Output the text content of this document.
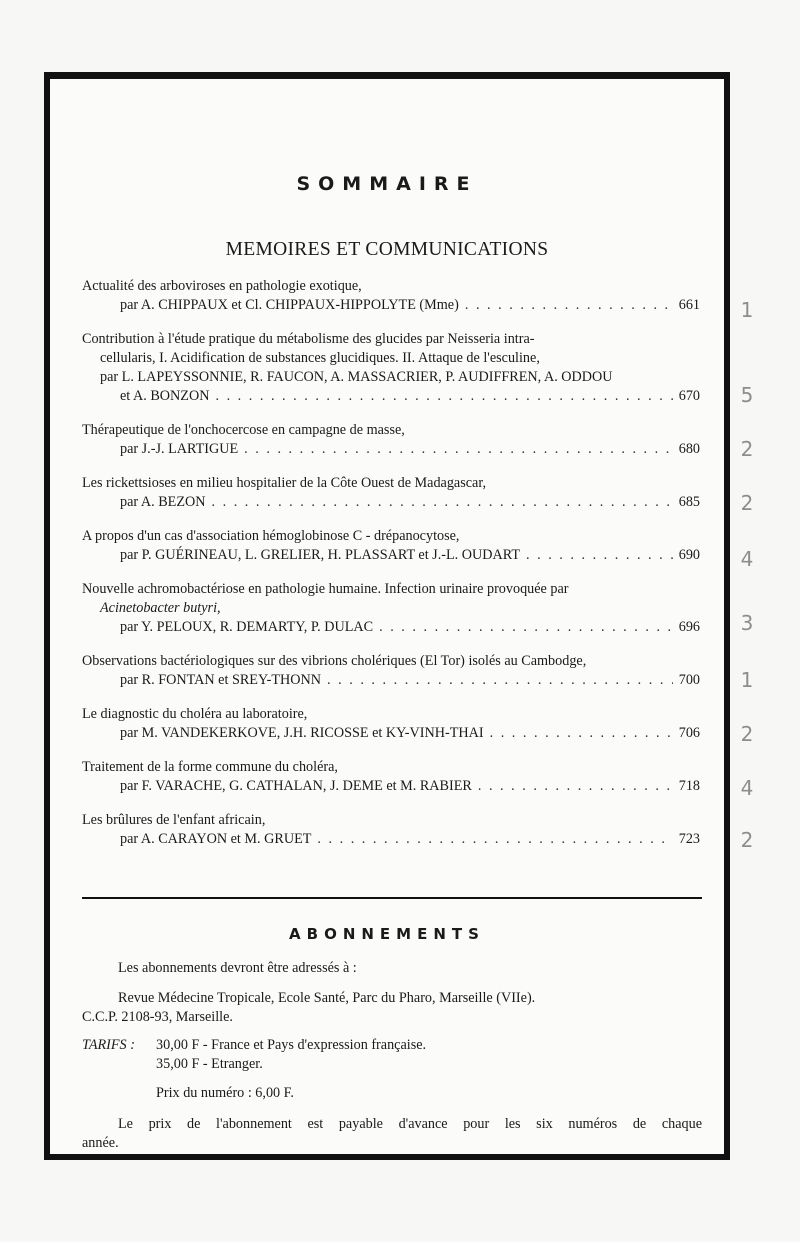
SOMMAIRE
MEMOIRES ET COMMUNICATIONS
Actualité des arboviroses en pathologie exotique,
par A. CHIPPAUX et Cl. CHIPPAUX-HIPPOLYTE (Mme) . . .	661
Contribution à l'étude pratique du métabolisme des glucides par Neisseria intra-
cellularis, I. Acidification de substances glucidiques. II. Attaque de l'esculine,
par L. LAPEYSSONNIE, R. FAUCON, A. MASSACRIER, P. AUDIFFREN, A. ODDOU
et A. BONZON . . .	670
Thérapeutique de l'onchocercose en campagne de masse,
par J.-J. LARTIGUE . . .	680
Les rickettsioses en milieu hospitalier de la Côte Ouest de Madagascar,
par A. BEZON . . .	685
A propos d'un cas d'association hémoglobinose C - drépanocytose,
par P. GUÉRINEAU, L. GRELIER, H. PLASSART et J.-L. OUDART . . .	690
Nouvelle achromobactériose en pathologie humaine. Infection urinaire provoquée par
Acinetobacter butyri,
par Y. PELOUX, R. DEMARTY, P. DULAC . . .	696
Observations bactériologiques sur des vibrions cholériques (El Tor) isolés au Cambodge,
par R. FONTAN et SREY-THONN . . .	700
Le diagnostic du choléra au laboratoire,
par M. VANDEKERKOVE, J.H. RICOSSE et KY-VINH-THAI . . .	706
Traitement de la forme commune du choléra,
par F. VARACHE, G. CATHALAN, J. DEME et M. RABIER . . .	718
Les brûlures de l'enfant africain,
par A. CARAYON et M. GRUET . . .	723
ABONNEMENTS

Les abonnements devront être adressés à :

Revue Médecine Tropicale, Ecole Santé, Parc du Pharo, Marseille (VIIe).

C.C.P. 2108-93, Marseille.

TARIFS :	30,00 F - France et Pays d'expression française.

35,00 F - Etranger.

Prix du numéro : 6,00 F.

Le prix de l'abonnement est payable d'avance pour les six numéros de chaque

année.

1
5
2
2
4
3
1
2
4
2
